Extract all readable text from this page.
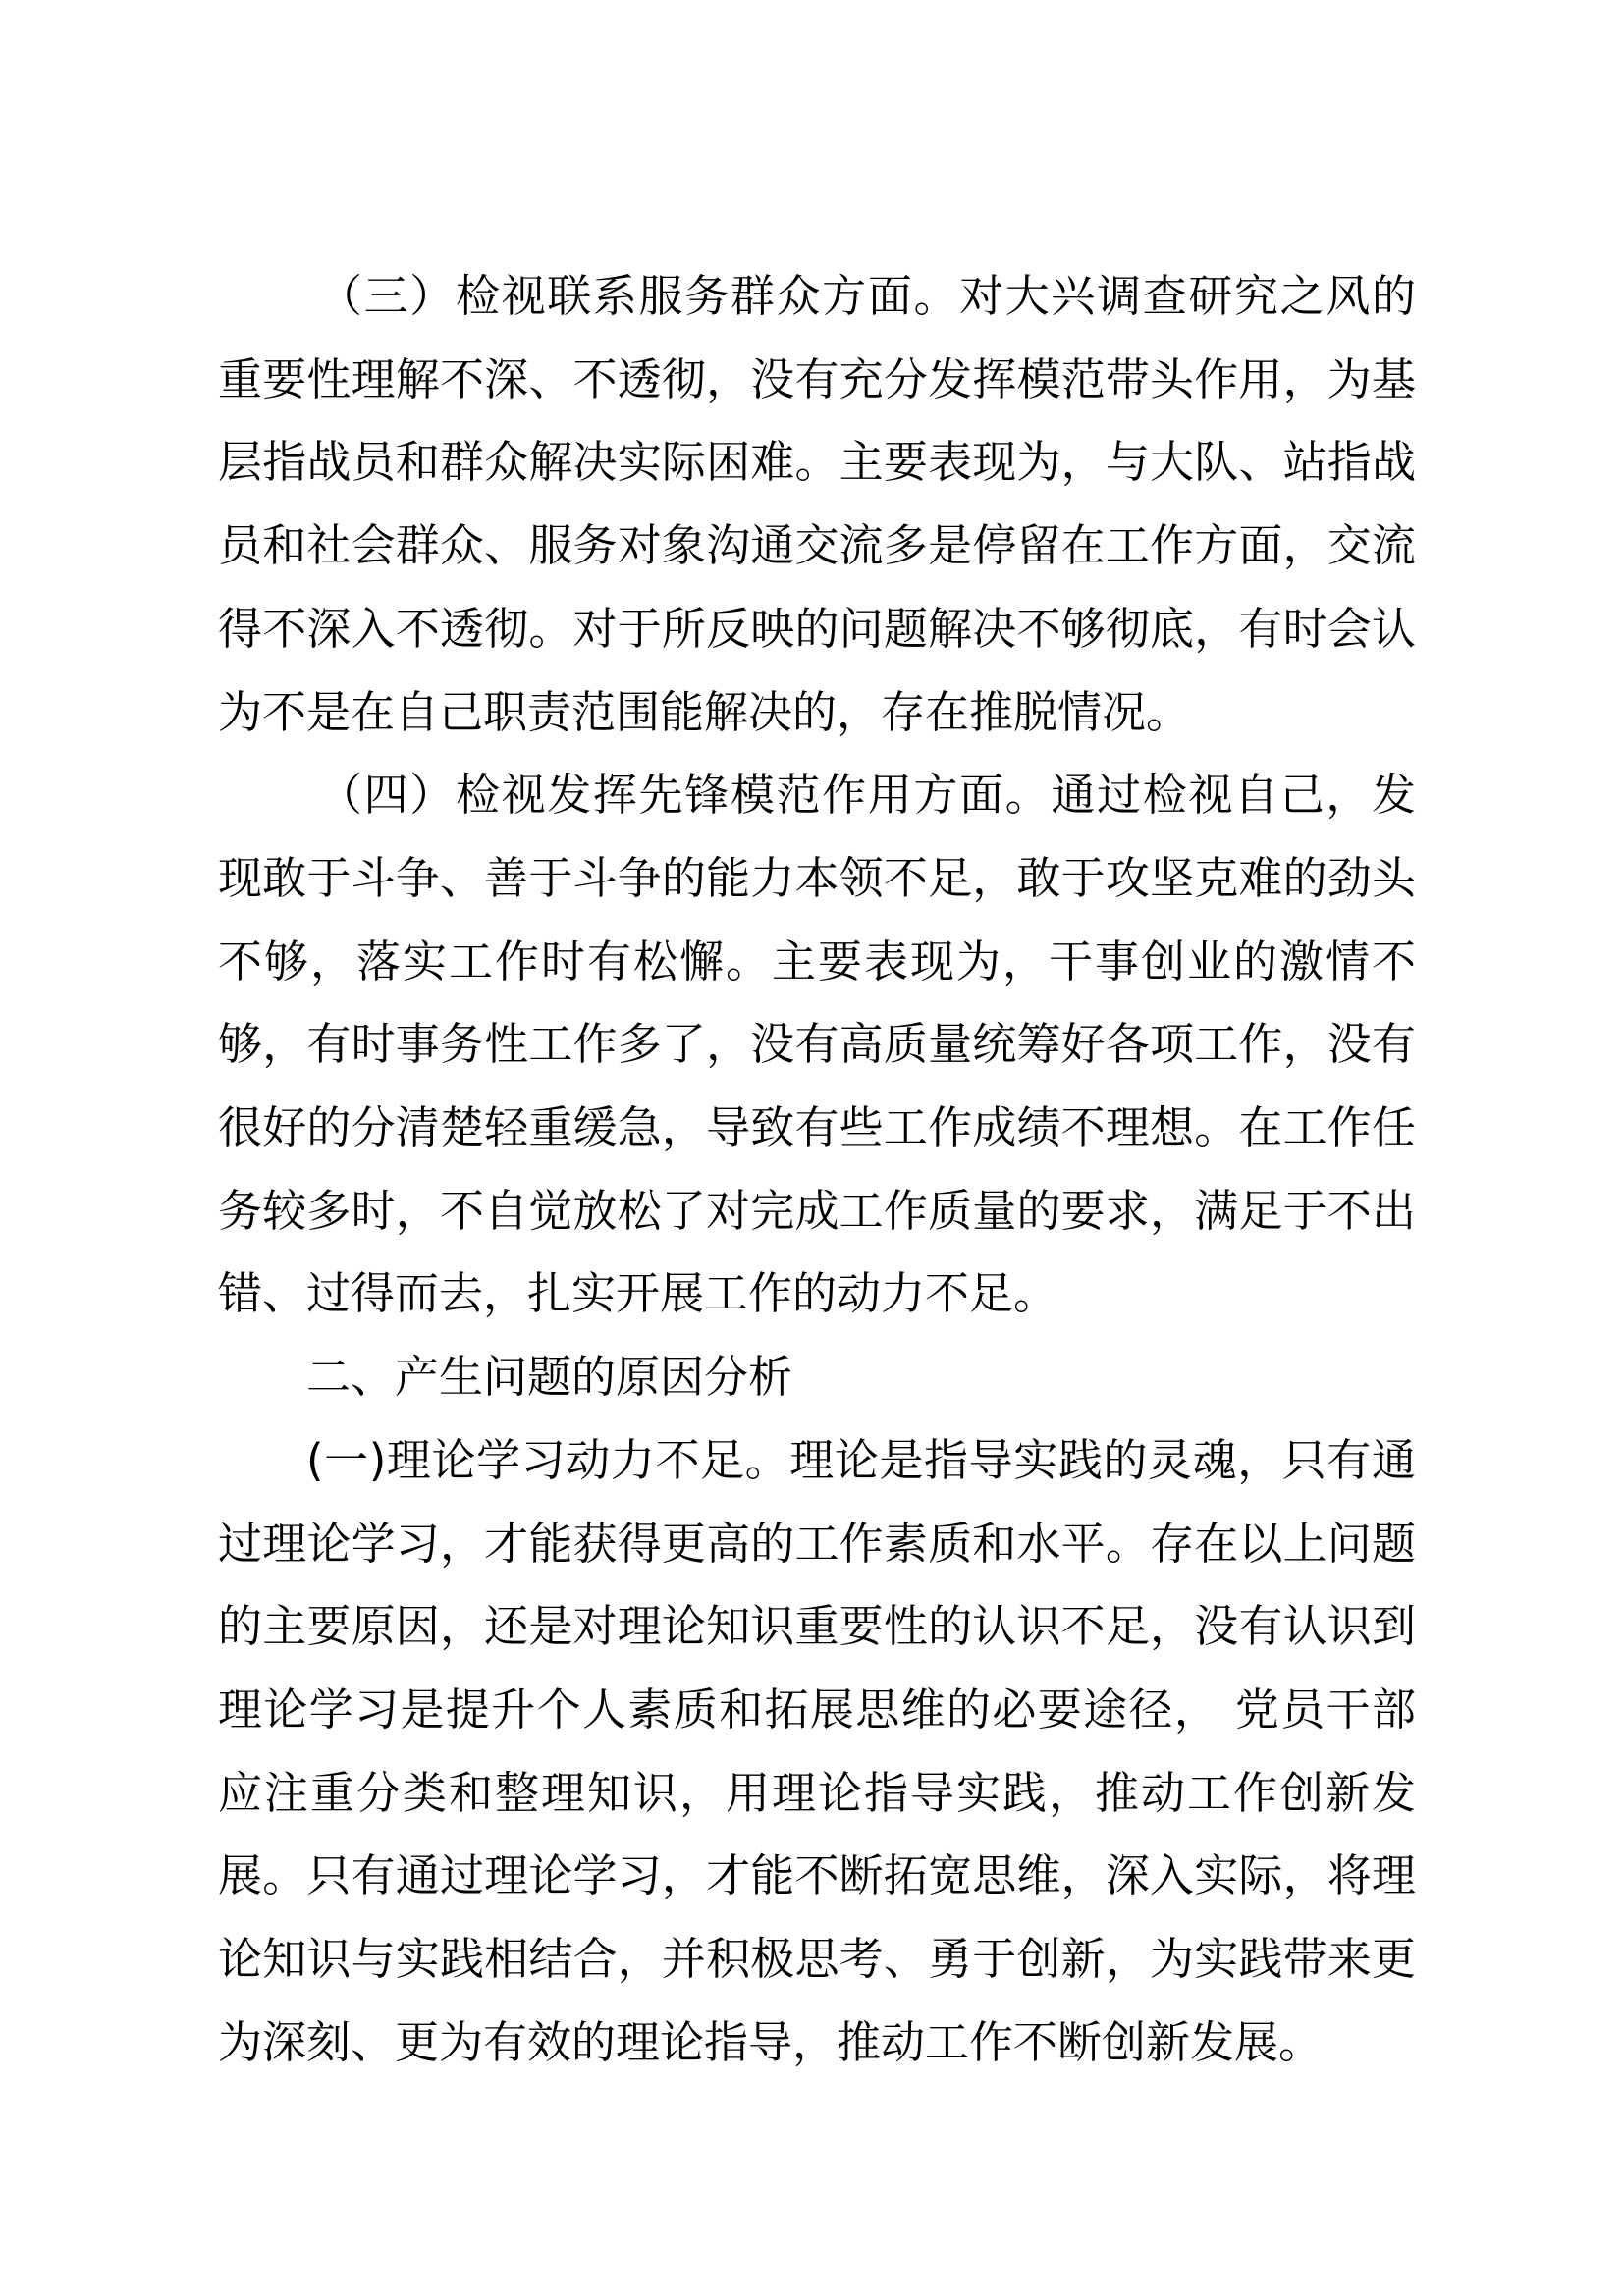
（三）检视联系服务群众方面。对大兴调查研究之风的重要性理解不深、不透彻，没有充分发挥模范带头作用，为基层指战员和群众解决实际困难。主要表现为，与大队、站指战员和社会群众、服务对象沟通交流多是停留在工作方面，交流得不深入不透彻。对于所反映的问题解决不够彻底，有时会认为不是在自己职责范围能解决的，存在推脱情况。

（四）检视发挥先锋模范作用方面。通过检视自己，发现敢于斗争、善于斗争的能力本领不足，敢于攻坚克难的劲头不够，落实工作时有松懈。主要表现为，干事创业的激情不够，有时事务性工作多了，没有高质量统筹好各项工作，没有很好的分清楚轻重缓急，导致有些工作成绩不理想。在工作任务较多时，不自觉放松了对完成工作质量的要求，满足于不出错、过得而去，扎实开展工作的动力不足。

二、产生问题的原因分析

(一)理论学习动力不足。理论是指导实践的灵魂，只有通过理论学习，才能获得更高的工作素质和水平。存在以上问题的主要原因，还是对理论知识重要性的认识不足，没有认识到理论学习是提升个人素质和拓展思维的必要途径， 党员干部应注重分类和整理知识，用理论指导实践，推动工作创新发展。只有通过理论学习，才能不断拓宽思维，深入实际，将理论知识与实践相结合，并积极思考、勇于创新，为实践带来更为深刻、更为有效的理论指导，推动工作不断创新发展。
